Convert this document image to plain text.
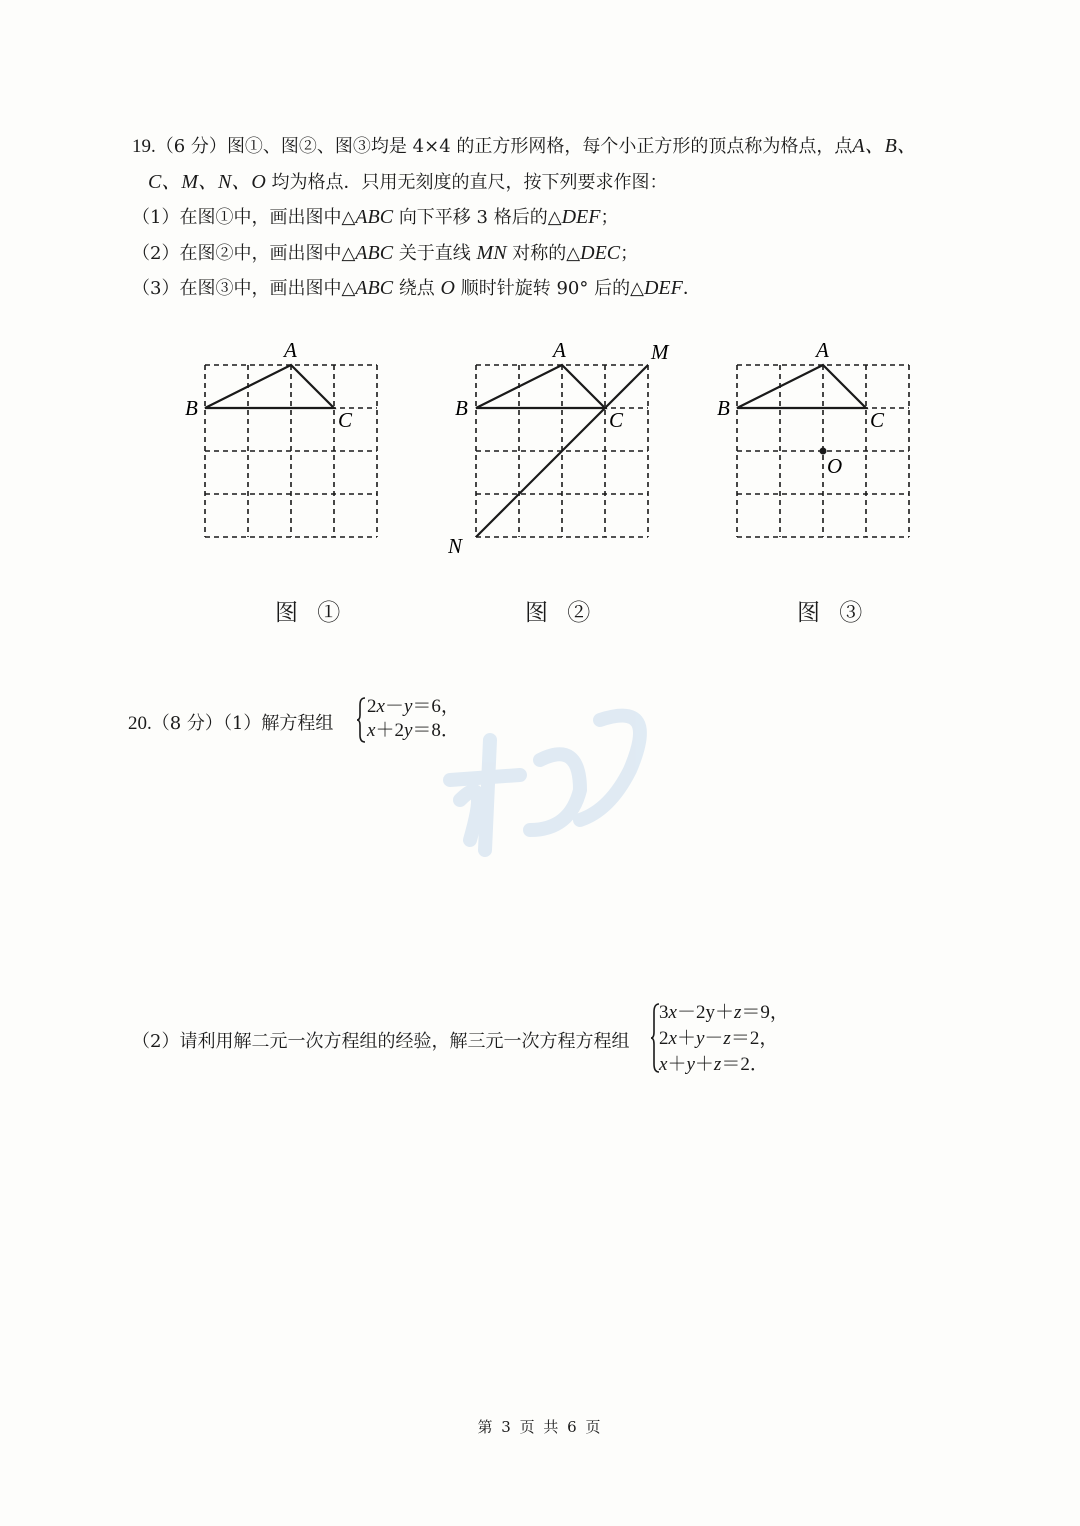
知己
19.（6 分）图①、图②、图③均是 4×4 的正方形网格，每个小正方形的顶点称为格点，点A、B、
C、M、N、O 均为格点．只用无刻度的直尺，按下列要求作图：
（1）在图①中，画出图中△ABC 向下平移 3 格后的△DEF；
（2）在图②中，画出图中△ABC 关于直线 MN 对称的△DEC；
（3）在图③中，画出图中△ABC 绕点 O 顺时针旋转 90° 后的△DEF．
A
B	C
图 ①
A
B	C
M
N
图 ②
A
B	C
O
图 ③
20.（8 分）（1）解方程组
2x－y＝6，
x＋2y＝8．
（2）请利用解二元一次方程组的经验，解三元一次方程方程组
3x－2y＋z＝9，
2x＋y－z＝2，
x＋y＋z＝2．
第 3 页 共 6 页
